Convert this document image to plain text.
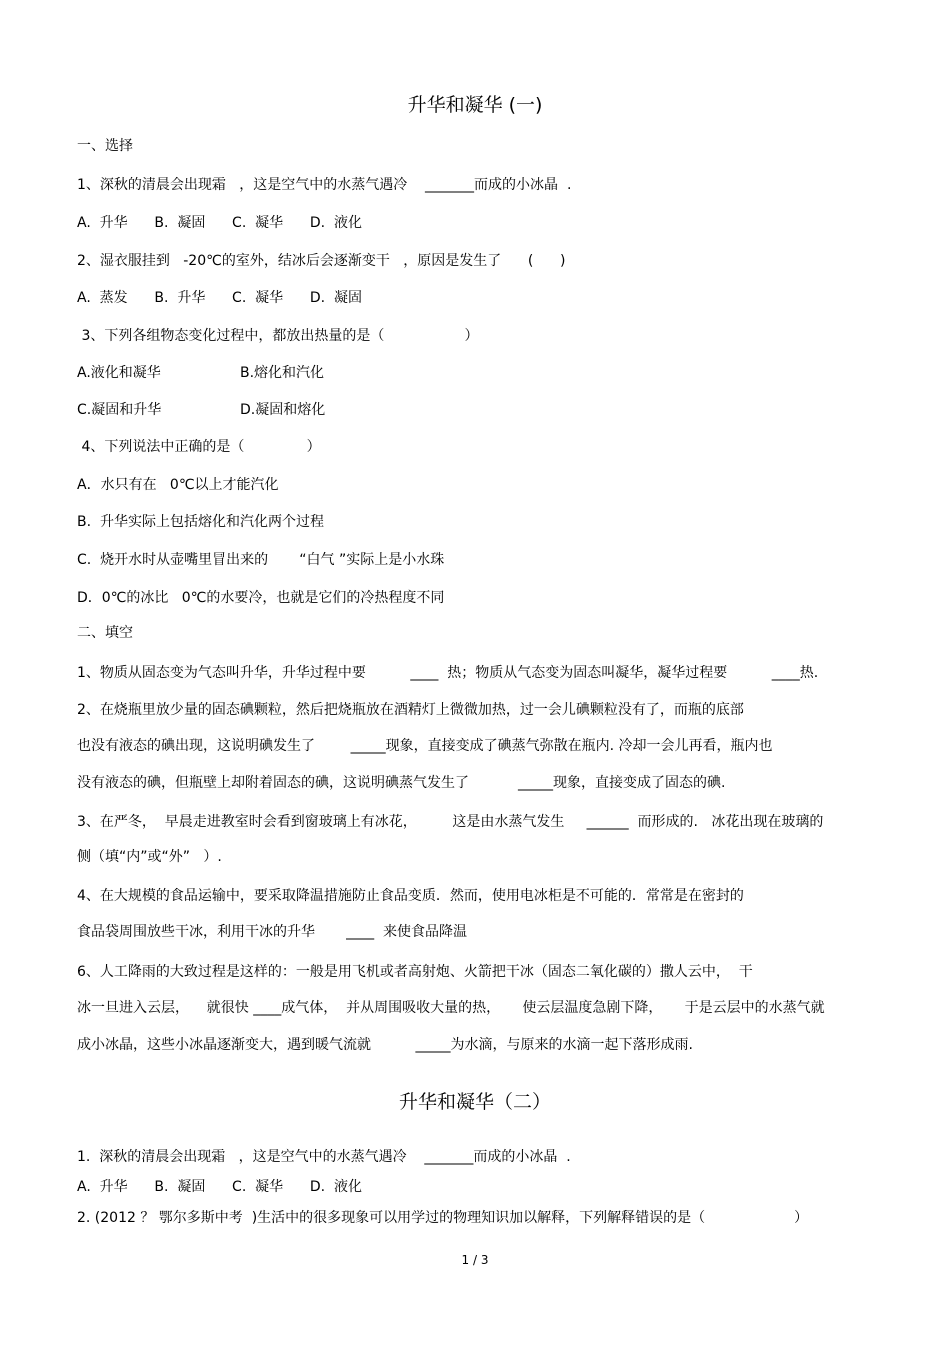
升华和凝华 (一)
一、选择
1、深秋的清晨会出现霜   ，这是空气中的水蒸气遇冷    _______而成的小冰晶  .
A.  升华      B.  凝固      C.  凝华      D.  液化
2、湿衣服挂到   -20℃的室外，结冰后会逐渐变干   ，原因是发生了      (      )
A.  蒸发      B.  升华      C.  凝华      D.  凝固
3、下列各组物态变化过程中，都放出热量的是（                  ）
A.液化和凝华	B.熔化和汽化
C.凝固和升华	D.凝固和熔化
4、下列说法中正确的是（              ）
A．水只有在   0℃以上才能汽化
B.  升华实际上包括熔化和汽化两个过程
C.  烧开水时从壶嘴里冒出来的       “白气 ”实际上是小水珠
D．0℃的冰比   0℃的水要冷，也就是它们的冷热程度不同
二、填空
1、物质从固态变为气态叫升华，升华过程中要          ____  热；物质从气态变为固态叫凝华，凝华过程要          ____热.
2、在烧瓶里放少量的固态碘颗粒，然后把烧瓶放在酒精灯上微微加热，过一会儿碘颗粒没有了，而瓶的底部
也没有液态的碘出现，这说明碘发生了        _____现象，直接变成了碘蒸气弥散在瓶内. 冷却一会儿再看，瓶内也
没有液态的碘，但瓶壁上却附着固态的碘，这说明碘蒸气发生了           _____现象，直接变成了固态的碘.
3、在严冬，  早晨走进教室时会看到窗玻璃上有冰花，        这是由水蒸气发生     ______  而形成的.   冰花出现在玻璃的
侧（填“内”或“外”   ）.
4、在大规模的食品运输中，要采取降温措施防止食品变质．然而，使用电冰柜是不可能的．常常是在密封的
食品袋周围放些干冰，利用干冰的升华       ____  来使食品降温
6、人工降雨的大致过程是这样的：一般是用飞机或者高射炮、火箭把干冰（固态二氧化碳的）撒人云中，  干
冰一旦进入云层，    就很快 ____成气体，  并从周围吸收大量的热，     使云层温度急剧下降，     于是云层中的水蒸气就
成小冰晶，这些小冰晶逐渐变大，遇到暖气流就          _____为水滴，与原来的水滴一起下落形成雨.
升华和凝华（二）
1.  深秋的清晨会出现霜   ，这是空气中的水蒸气遇冷    _______而成的小冰晶  .
A.  升华      B.  凝固      C.  凝华      D.  液化
2. (2012 ？ 鄂尔多斯中考  )生活中的很多现象可以用学过的物理知识加以解释，下列解释错误的是（                    ）
1 / 3
